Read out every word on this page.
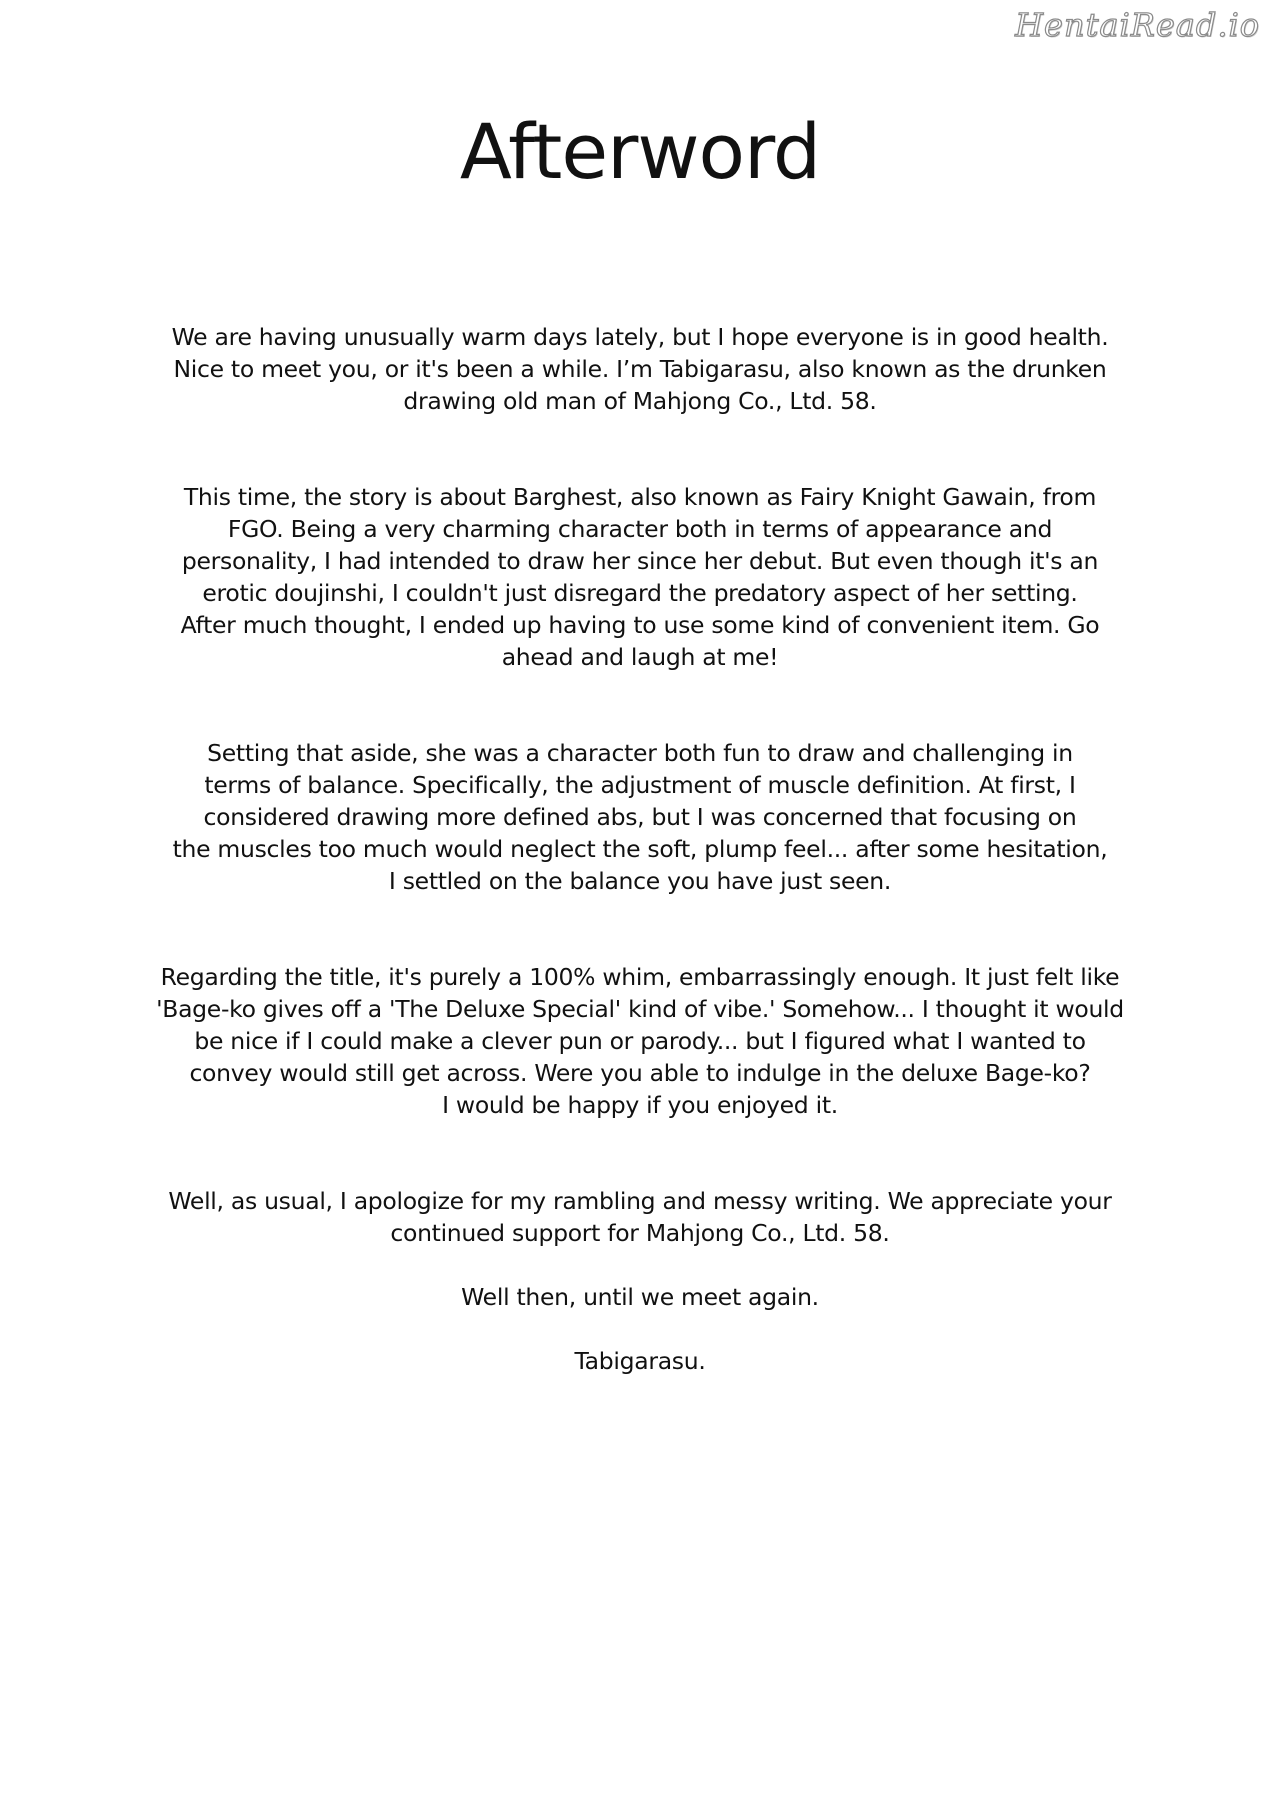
HentaiRead.io
Afterword

We are having unusually warm days lately, but I hope everyone is in good health.
Nice to meet you, or it's been a while. I’m Tabigarasu, also known as the drunken
drawing old man of Mahjong Co., Ltd. 58.

This time, the story is about Barghest, also known as Fairy Knight Gawain, from
FGO. Being a very charming character both in terms of appearance and
personality, I had intended to draw her since her debut. But even though it's an
erotic doujinshi, I couldn't just disregard the predatory aspect of her setting.
After much thought, I ended up having to use some kind of convenient item. Go
ahead and laugh at me!

Setting that aside, she was a character both fun to draw and challenging in
terms of balance. Specifically, the adjustment of muscle definition. At first, I
considered drawing more defined abs, but I was concerned that focusing on
the muscles too much would neglect the soft, plump feel... after some hesitation,
I settled on the balance you have just seen.

Regarding the title, it's purely a 100% whim, embarrassingly enough. It just felt like
'Bage-ko gives off a 'The Deluxe Special' kind of vibe.' Somehow... I thought it would
be nice if I could make a clever pun or parody... but I figured what I wanted to
convey would still get across. Were you able to indulge in the deluxe Bage-ko?
I would be happy if you enjoyed it.

Well, as usual, I apologize for my rambling and messy writing. We appreciate your
continued support for Mahjong Co., Ltd. 58.

Well then, until we meet again.

Tabigarasu.
